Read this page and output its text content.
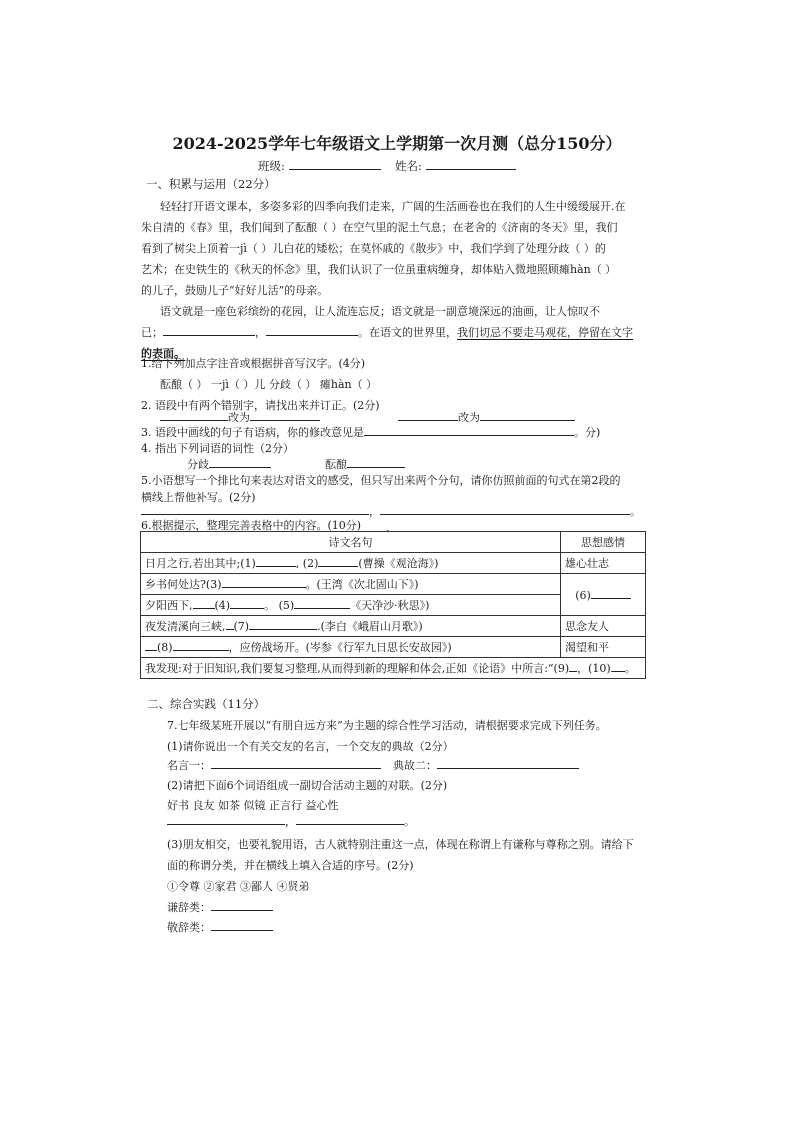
2024-2025学年七年级语文上学期第一次月测（总分150分）
班级:	姓名:
一、积累与运用（22分）
轻轻打开语文课本，多姿多彩的四季向我们走来，广阔的生活画卷也在我们的人生中缓缓展开.在
朱自清的《春》里，我们闻到了酝酿（ ）在空气里的泥土气息；在老舍的《济南的冬天》里，我们
看到了树尖上顶着一jì（ ）儿白花的矮松；在莫怀戚的《散步》中，我们学到了处理分歧（ ）的
艺术；在史铁生的《秋天的怀念》里，我们认识了一位虽重病缠身，却体贴入微地照顾瘫hàn（ ）
的儿子，鼓励儿子“好好儿活”的母亲。
语文就是一座色彩缤纷的花园，让人流连忘反；语文就是一副意境深远的油画，让人惊叹不
已；	，	。在语文的世界里，我们切忌不要走马观花，停留在文字
的表面。
1.给下列加点字注音或根据拼音写汉字。(4分)
酝酿（ ） 一jì（ ）儿 分歧（ ） 瘫hàn（ ）
2. 语段中有两个错别字，请找出来并订正。(2分)
改为	改为
3. 语段中画线的句子有语病，你的修改意见是	。分)
4. 指出下列词语的词性（2分）
分歧	酝酿
5.小语想写一个排比句来表达对语文的感受，但只写出来两个分句，请你仿照前面的句式在第2段的
横线上帮他补写。(2分)
，	。
6.根据提示，整理完善表格中的内容。(10分) 、
诗文名句	思想感情
日月之行,若出其中;(1) , (2) (曹操《观沧海》)	雄心壮志
乡书何处达?(3) 。(王湾《次北固山下》)	(6)
夕阳西下, (4) 。 (5) 《天净沙·秋思》)	
夜发清溪向三峡, (7) .(李白《峨眉山月歌》)	思念友人
(8) ，应傍战场开。(岑参《行军九日思长安故园》)	渴望和平
我发现:对于旧知识,我们要复习整理,从而得到新的理解和体会,正如《论语》中所言:“(9) ，(10) 。	
二、综合实践（11分）
7.七年级某班开展以“有朋自远方来”为主题的综合性学习活动，请根据要求完成下列任务。
(1)请你说出一个有关交友的名言，一个交友的典故（2分）
名言一：	典故二：
(2)请把下面6个词语组成一副切合活动主题的对联。(2分)
好书 良友 如茶 似镜 正言行 益心性
，	。
(3)朋友相交，也要礼貌用语，古人就特别注重这一点，体现在称谓上有谦称与尊称之别。请给下
面的称谓分类，并在横线上填入合适的序号。(2分)
①令尊 ②家君 ③鄙人 ④贤弟
谦辞类：
敬辞类：
